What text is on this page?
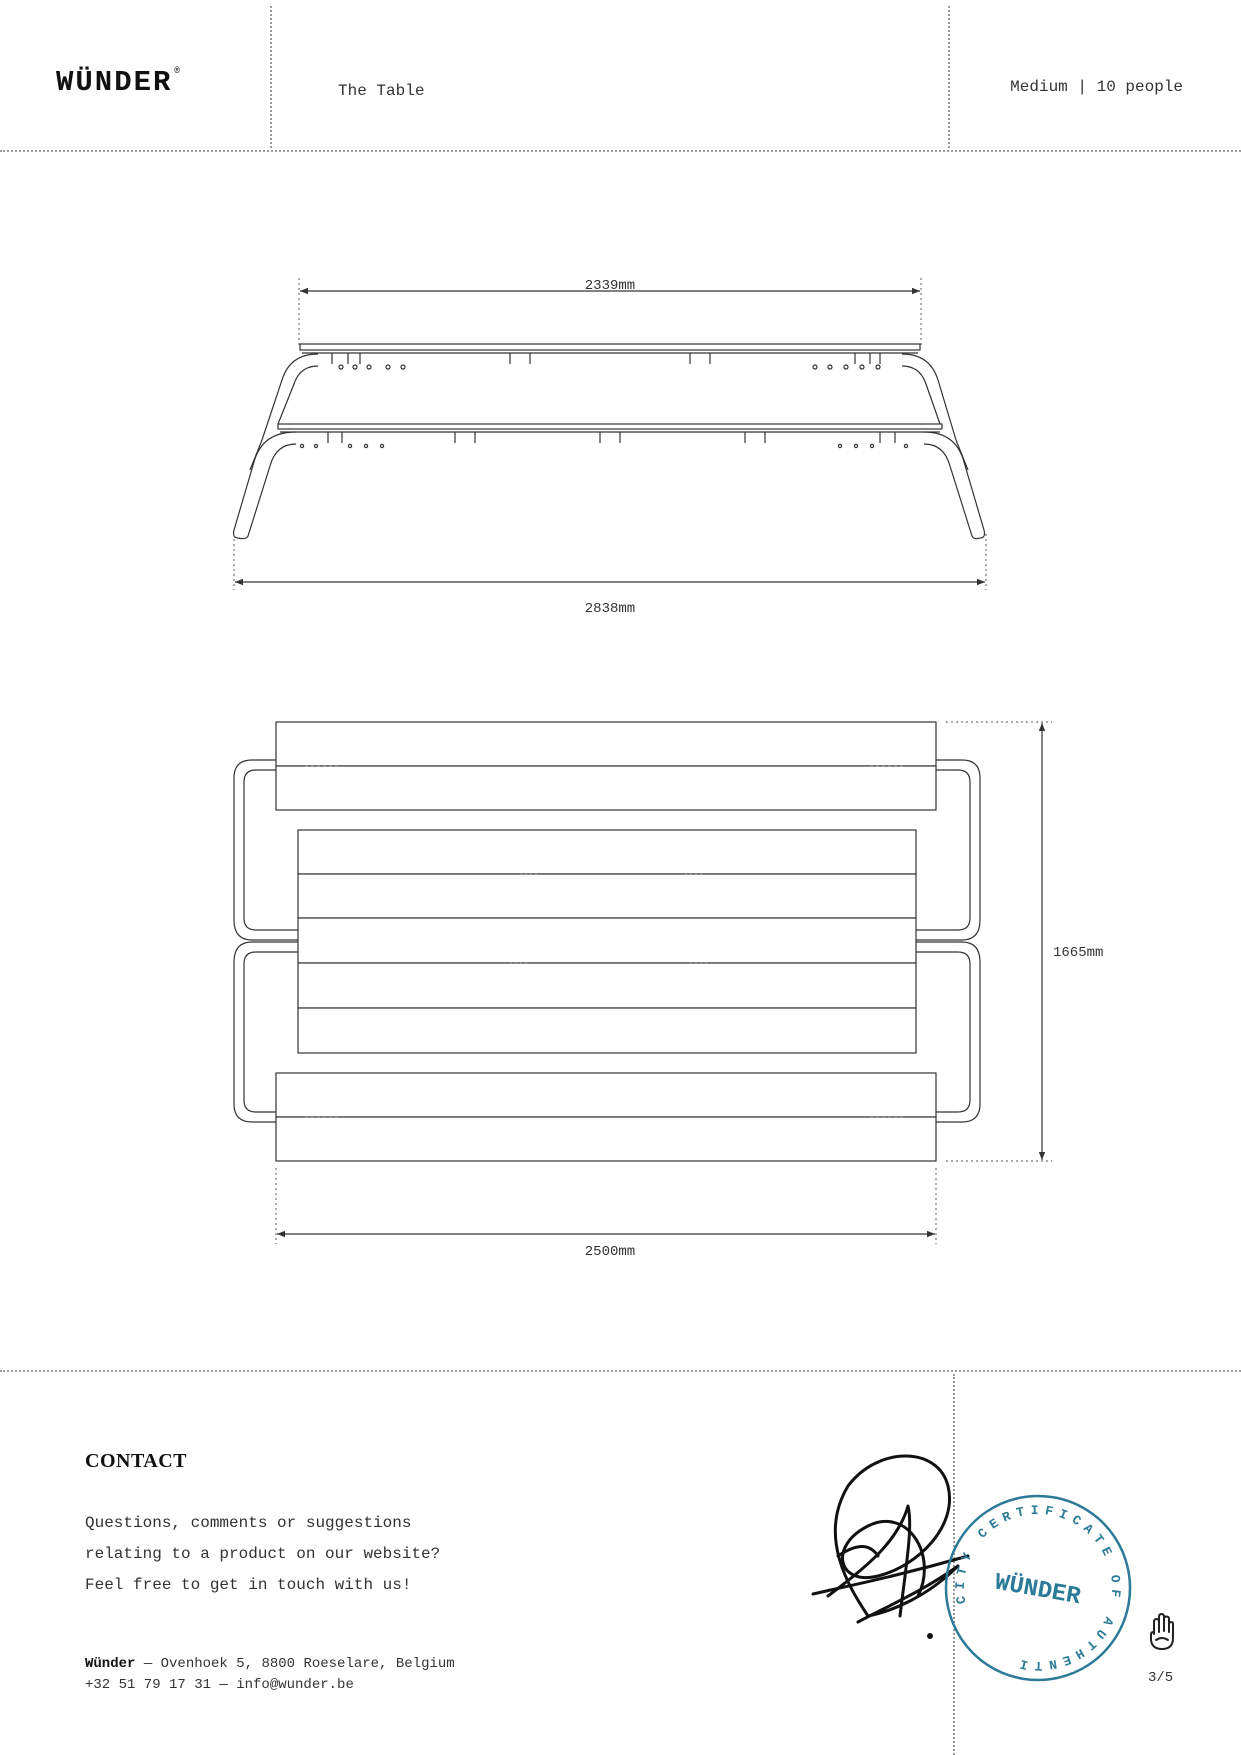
WÜNDER ®
The Table	Medium | 10 people
2339mm
2838mm
1665mm
2500mm
CONTACT
Questions, comments or suggestions
relating to a product on our website?
Feel free to get in touch with us!
Wünder — Ovenhoek 5, 8800 Roeselare, Belgium
+32 51 79 17 31 — info@wunder.be
CITY CERTIFICATE OF AUTHENTI
WÜNDER
3/5
